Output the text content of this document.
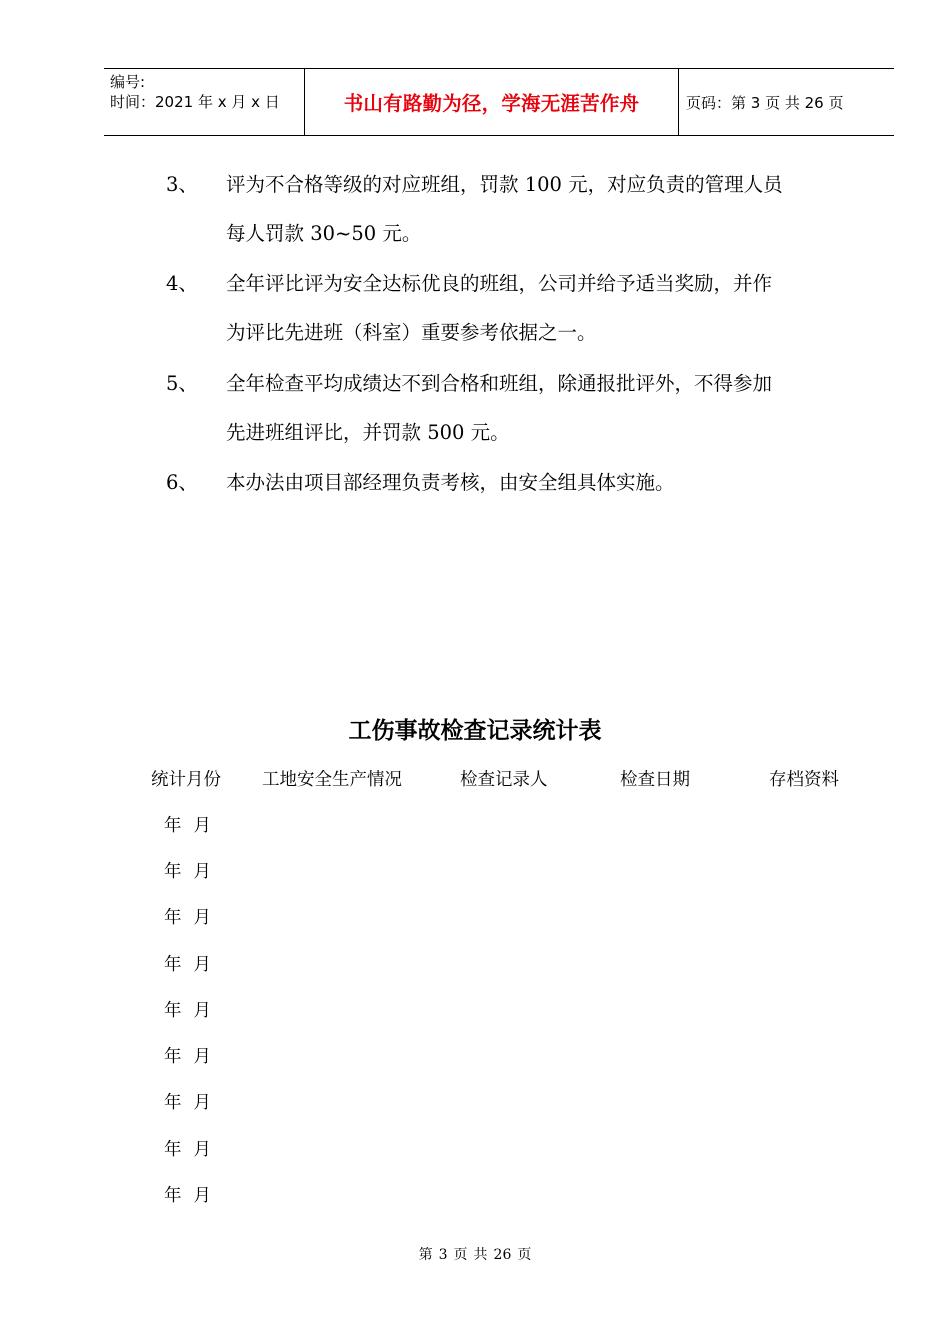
编号:
时间：2021 年 x 月 x 日	书山有路勤为径，学海无涯苦作舟	页码：第 3 页 共 26 页
3、 评为不合格等级的对应班组，罚款 100 元，对应负责的管理人员
每人罚款 30~50 元。
4、 全年评比评为安全达标优良的班组，公司并给予适当奖励，并作
为评比先进班（科室）重要参考依据之一。
5、 全年检查平均成绩达不到合格和班组，除通报批评外，不得参加
先进班组评比，并罚款 500 元。
6、 本办法由项目部经理负责考核，由安全组具体实施。
工伤事故检查记录统计表
统计月份 工地安全生产情况	检查记录人	检查日期	存档资料
年 月
年 月
年 月
年 月
年 月
年 月
年 月
年 月
年 月
第 3 页 共 26 页
